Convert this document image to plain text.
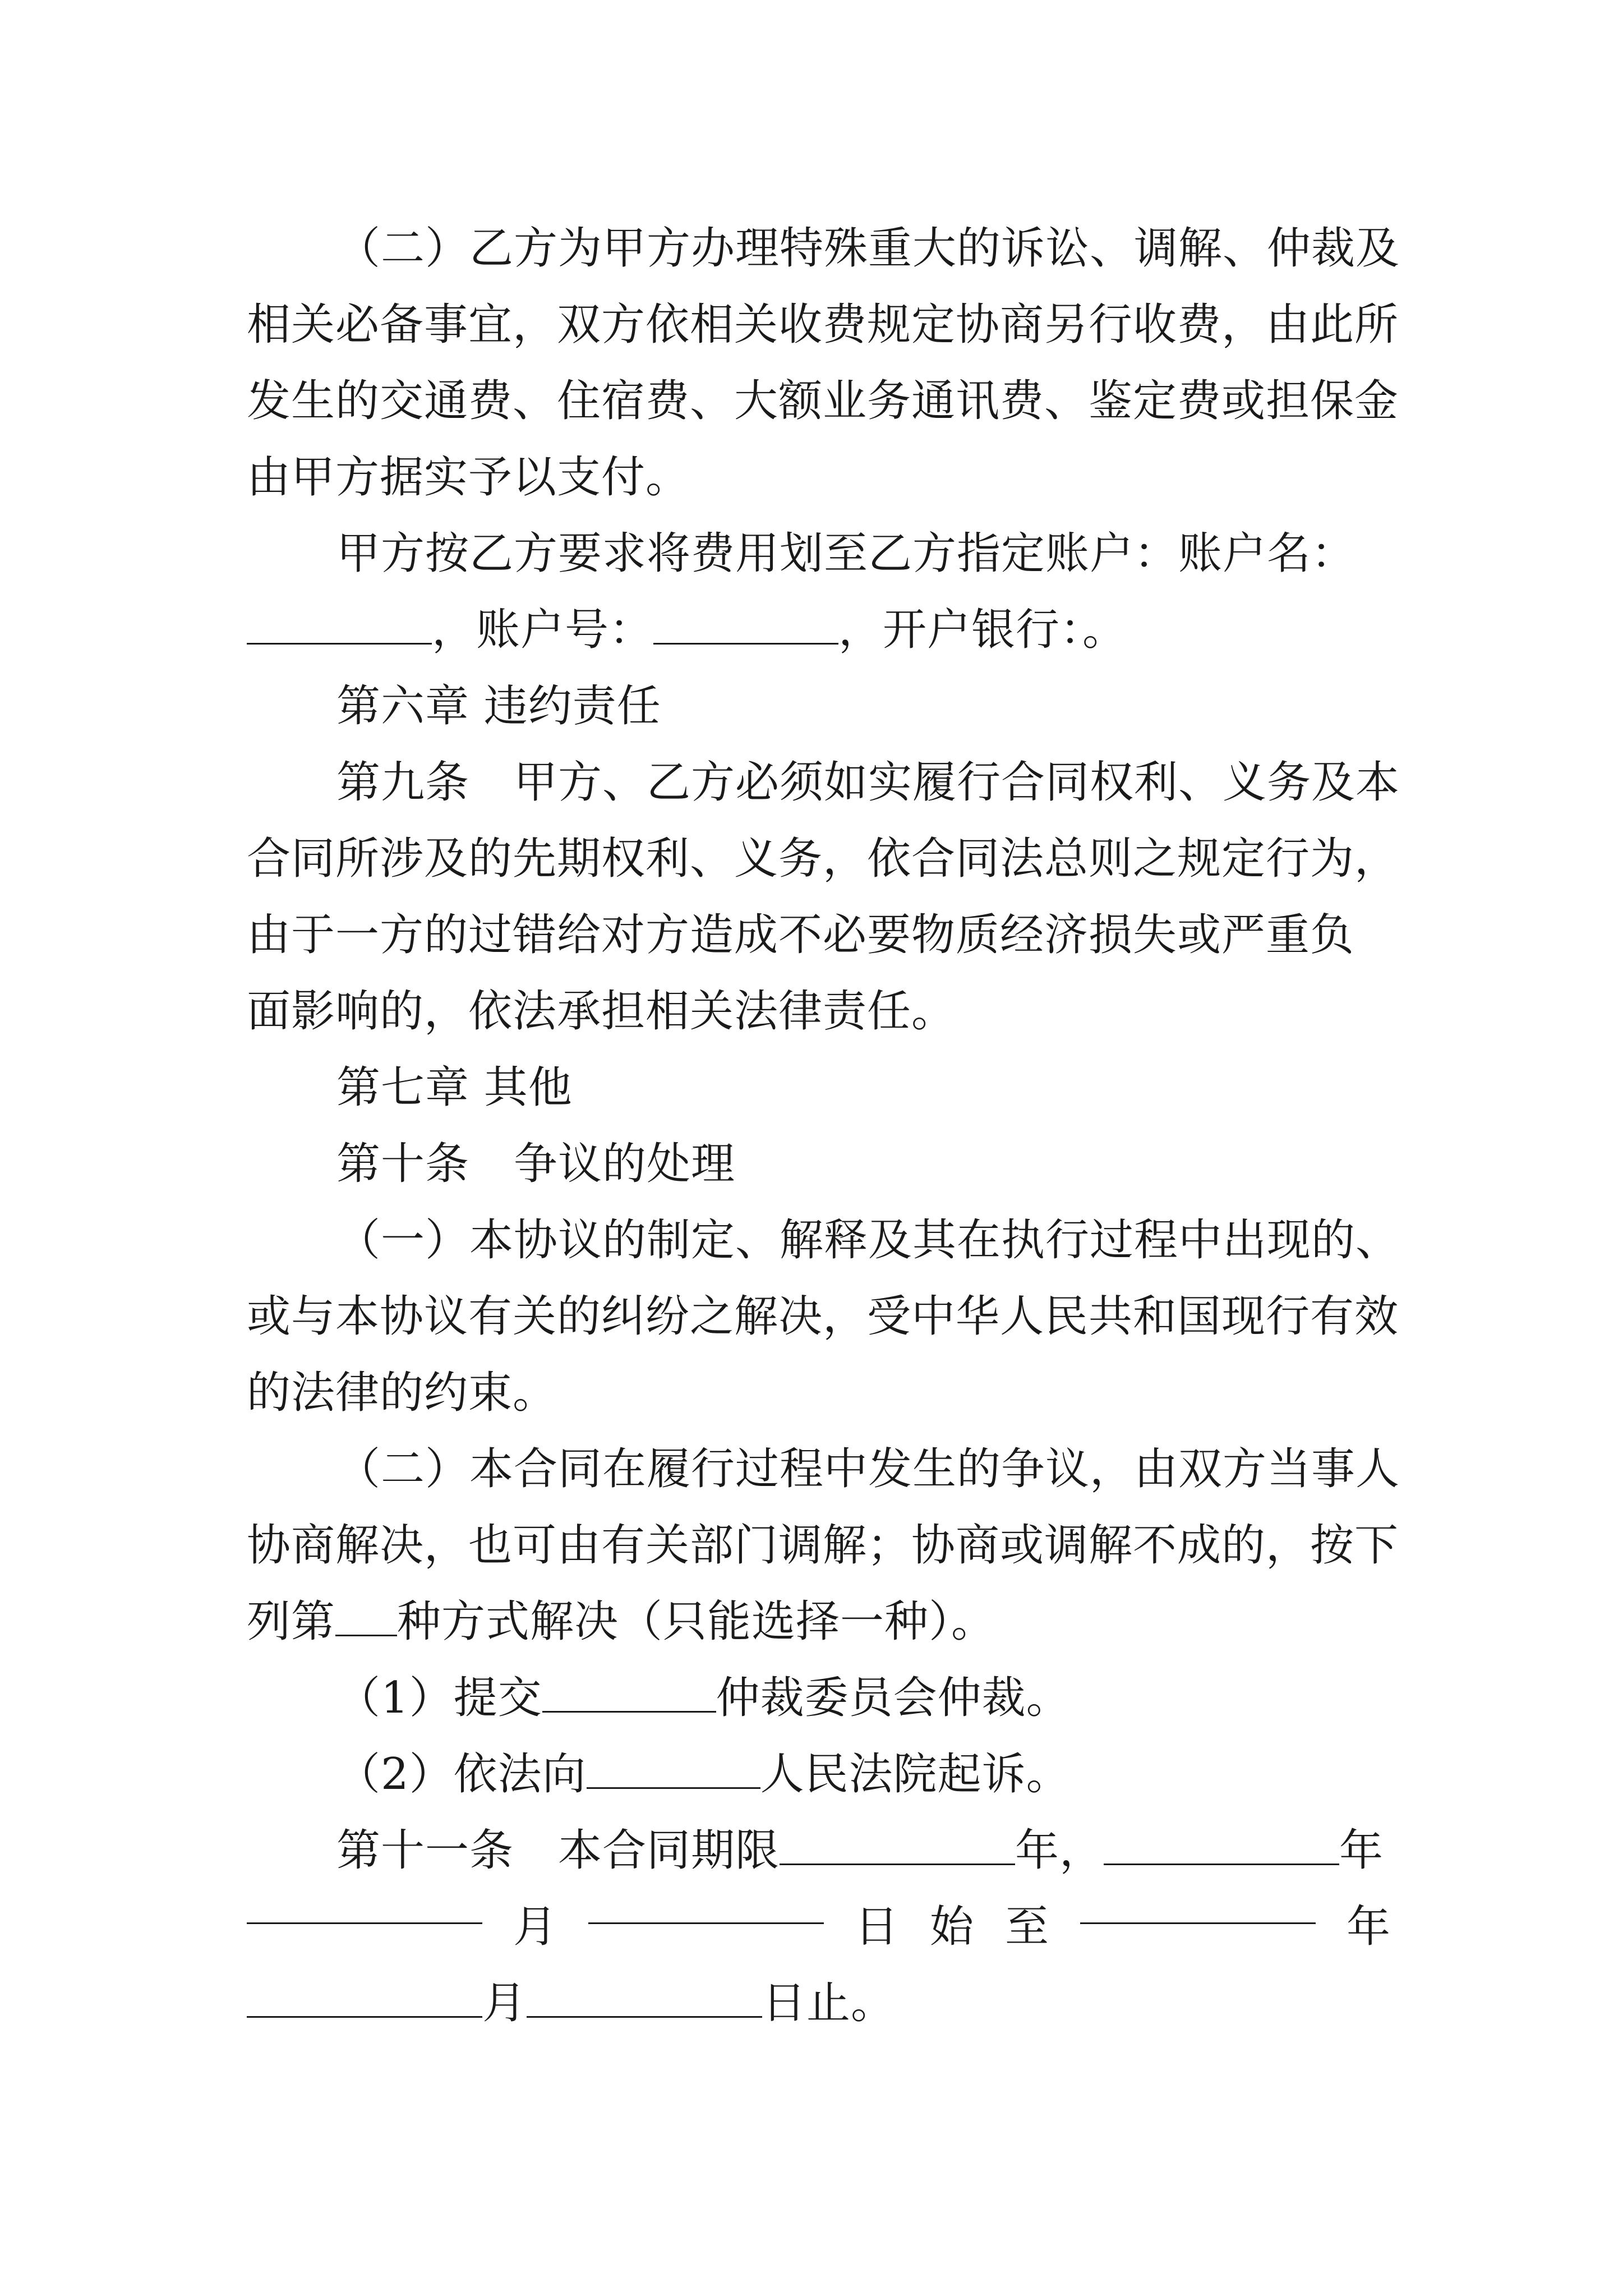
（二）乙方为甲方办理特殊重大的诉讼、调解、仲裁及
相关必备事宜，双方依相关收费规定协商另行收费，由此所
发生的交通费、住宿费、大额业务通讯费、鉴定费或担保金
由甲方据实予以支付。
甲方按乙方要求将费用划至乙方指定账户：账户名：
，账户号：	，开户银行：。
第六章 违约责任
第九条　甲方、乙方必须如实履行合同权利、义务及本
合同所涉及的先期权利、义务，依合同法总则之规定行为，
由于一方的过错给对方造成不必要物质经济损失或严重负
面影响的，依法承担相关法律责任。
第七章 其他
第十条　争议的处理
（一）本协议的制定、解释及其在执行过程中出现的、
或与本协议有关的纠纷之解决，受中华人民共和国现行有效
的法律的约束。
（二）本合同在履行过程中发生的争议，由双方当事人
协商解决，也可由有关部门调解；协商或调解不成的，按下
列第 种方式解决（只能选择一种）。
（1）提交	仲裁委员会仲裁。
（2）依法向	人民法院起诉。
第十一条　本合同期限	年，	年
月	日 始 至	年
月	日止。
